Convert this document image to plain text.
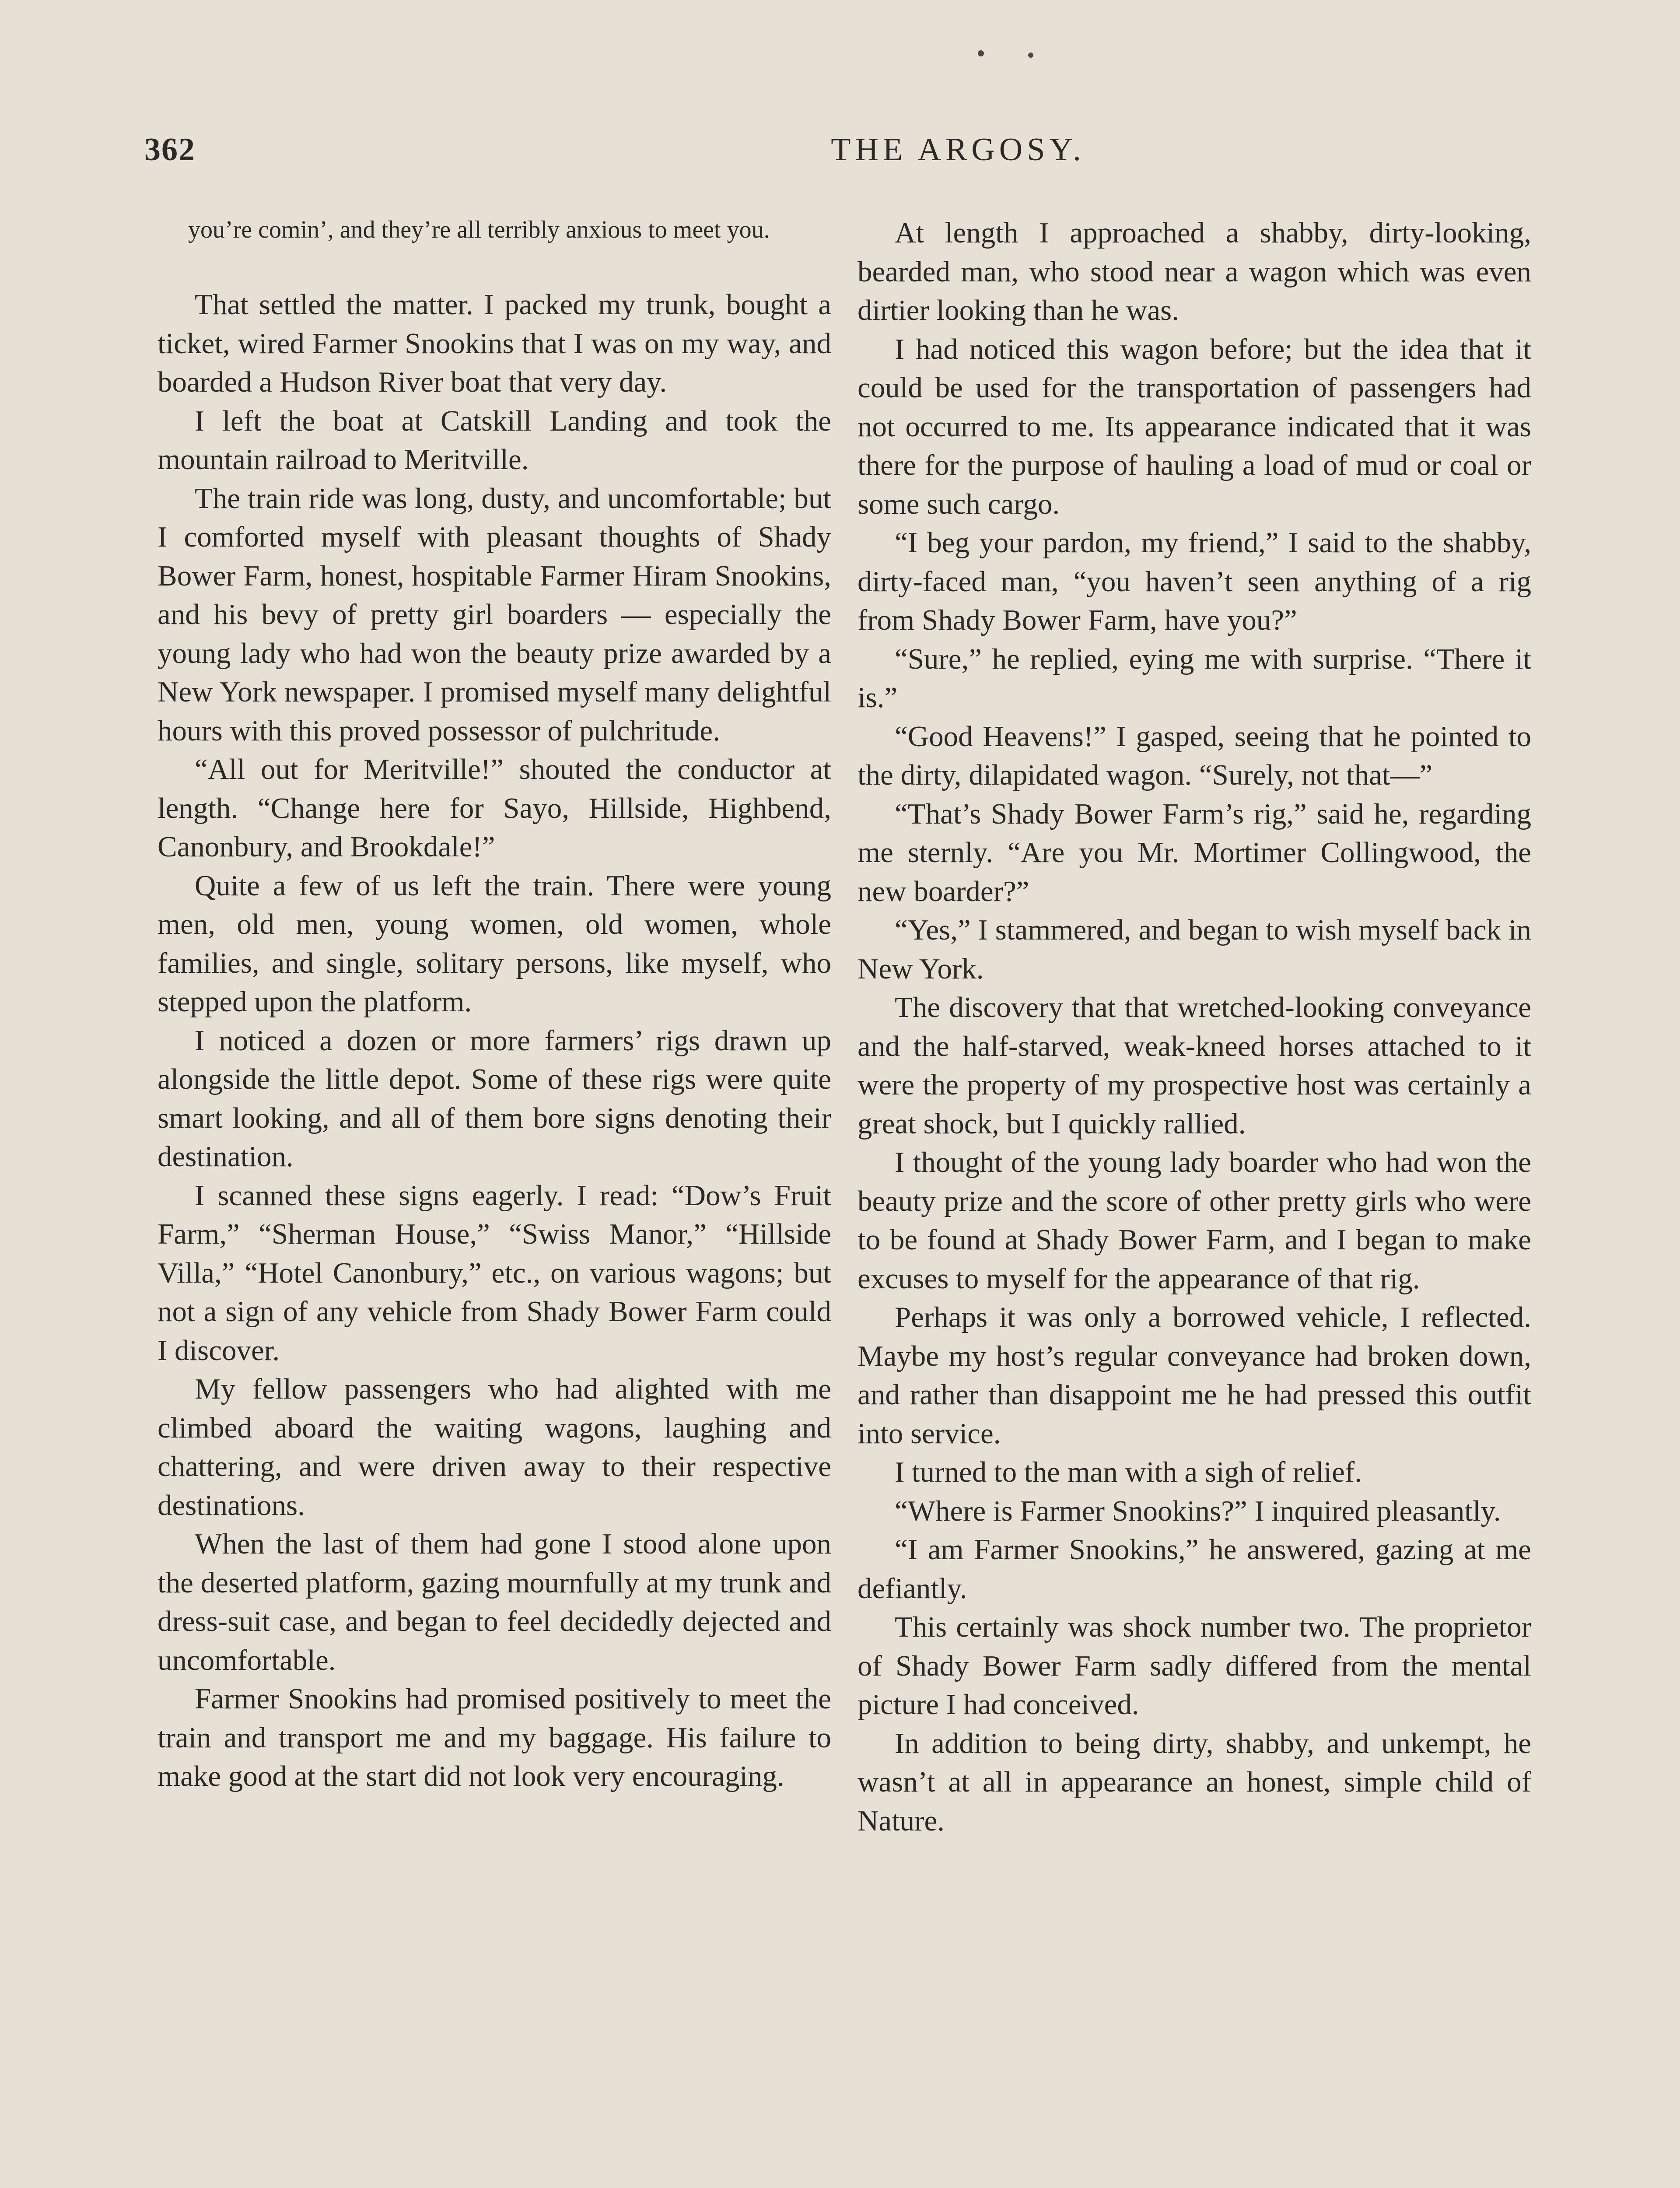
362	THE ARGOSY.

you’re comin’, and they’re all terribly anxious to meet you.

That settled the matter. I packed my trunk, bought a ticket, wired Farmer Snookins that I was on my way, and boarded a Hudson River boat that very day.

I left the boat at Catskill Landing and took the mountain railroad to Meritville.

The train ride was long, dusty, and uncomfortable; but I comforted myself with pleasant thoughts of Shady Bower Farm, honest, hospitable Farmer Hiram Snookins, and his bevy of pretty girl boarders — especially the young lady who had won the beauty prize awarded by a New York newspaper. I promised myself many delightful hours with this proved possessor of pulchritude.

“All out for Meritville!” shouted the conductor at length. “Change here for Sayo, Hillside, Highbend, Canonbury, and Brookdale!”

Quite a few of us left the train. There were young men, old men, young women, old women, whole families, and single, solitary persons, like myself, who stepped upon the platform.

I noticed a dozen or more farmers’ rigs drawn up alongside the little depot. Some of these rigs were quite smart looking, and all of them bore signs denoting their destination.

I scanned these signs eagerly. I read: “Dow’s Fruit Farm,” “Sherman House,” “Swiss Manor,” “Hillside Villa,” “Hotel Canonbury,” etc., on various wagons; but not a sign of any vehicle from Shady Bower Farm could I discover.

My fellow passengers who had alighted with me climbed aboard the waiting wagons, laughing and chattering, and were driven away to their respective destinations.

When the last of them had gone I stood alone upon the deserted platform, gazing mournfully at my trunk and dress-suit case, and began to feel decidedly dejected and uncomfortable.

Farmer Snookins had promised positively to meet the train and transport me and my baggage. His failure to make good at the start did not look very encouraging.

At length I approached a shabby, dirty-looking, bearded man, who stood near a wagon which was even dirtier looking than he was.

I had noticed this wagon before; but the idea that it could be used for the transportation of passengers had not occurred to me. Its appearance indicated that it was there for the purpose of hauling a load of mud or coal or some such cargo.

“I beg your pardon, my friend,” I said to the shabby, dirty-faced man, “you haven’t seen anything of a rig from Shady Bower Farm, have you?”

“Sure,” he replied, eying me with surprise. “There it is.”

“Good Heavens!” I gasped, seeing that he pointed to the dirty, dilapidated wagon. “Surely, not that—”

“That’s Shady Bower Farm’s rig,” said he, regarding me sternly. “Are you Mr. Mortimer Collingwood, the new boarder?”

“Yes,” I stammered, and began to wish myself back in New York.

The discovery that that wretched-looking conveyance and the half-starved, weak-kneed horses attached to it were the property of my prospective host was certainly a great shock, but I quickly rallied.

I thought of the young lady boarder who had won the beauty prize and the score of other pretty girls who were to be found at Shady Bower Farm, and I began to make excuses to myself for the appearance of that rig.

Perhaps it was only a borrowed vehicle, I reflected. Maybe my host’s regular conveyance had broken down, and rather than disappoint me he had pressed this outfit into service.

I turned to the man with a sigh of relief.

“Where is Farmer Snookins?” I inquired pleasantly.

“I am Farmer Snookins,” he answered, gazing at me defiantly.

This certainly was shock number two. The proprietor of Shady Bower Farm sadly differed from the mental picture I had conceived.

In addition to being dirty, shabby, and unkempt, he wasn’t at all in appearance an honest, simple child of Nature.
